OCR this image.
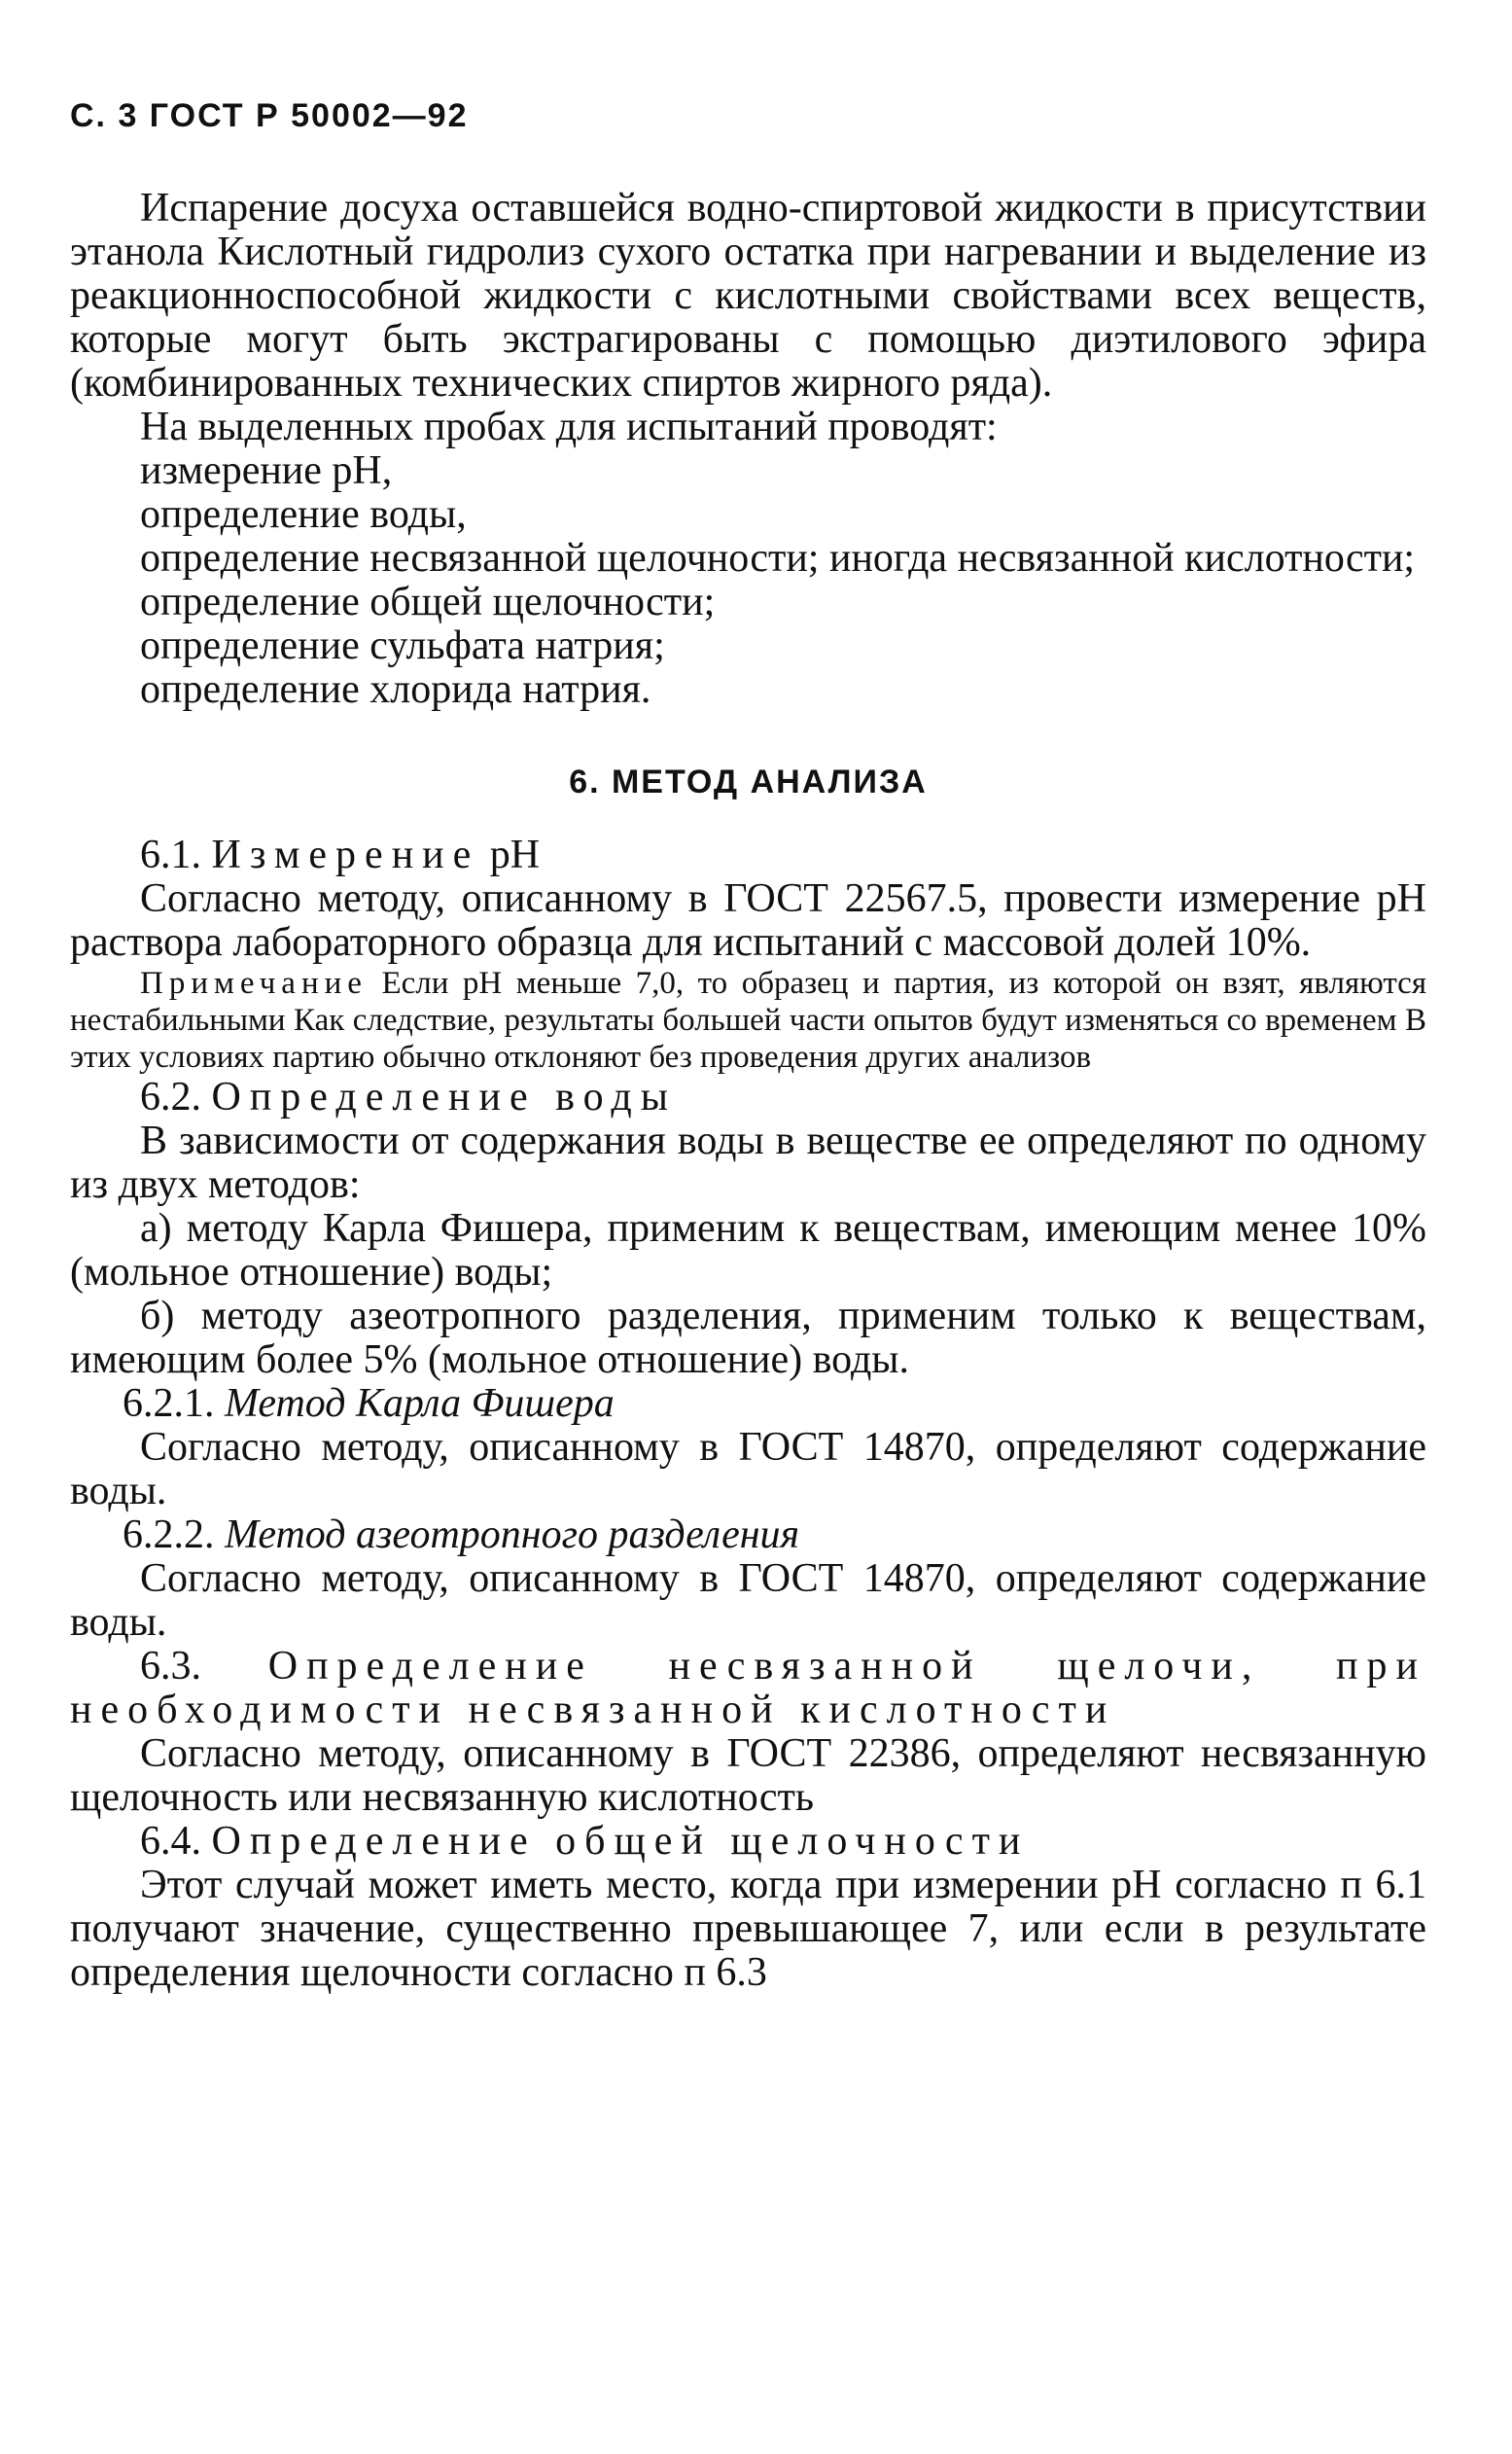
С. 3 ГОСТ Р 50002—92

Испарение досуха оставшейся водно-спиртовой жидкости в присутствии этанола Кислотный гидролиз сухого остатка при нагревании и выделение из реакционноспособной жидкости с кислотными свойствами всех веществ, которые могут быть экстрагированы с помощью диэтилового эфира (комбинированных технических спиртов жирного ряда).

На выделенных пробах для испытаний проводят:

измерение рН,

определение воды,

определение несвязанной щелочности; иногда несвязанной кислотности;

определение общей щелочности;

определение сульфата натрия;

определение хлорида натрия.

6. МЕТОД АНАЛИЗА

6.1. Измерение рН

Согласно методу, описанному в ГОСТ 22567.5, провести измерение рН раствора лабораторного образца для испытаний с массовой долей 10%.

Примечание Если рН меньше 7,0, то образец и партия, из которой он взят, являются нестабильными Как следствие, результаты большей части опытов будут изменяться со временем В этих условиях партию обычно отклоняют без проведения других анализов

6.2. Определение воды

В зависимости от содержания воды в веществе ее определяют по одному из двух методов:

а) методу Карла Фишера, применим к веществам, имеющим менее 10% (мольное отношение) воды;

б) методу азеотропного разделения, применим только к веществам, имеющим более 5% (мольное отношение) воды.

6.2.1. Метод Карла Фишера

Согласно методу, описанному в ГОСТ 14870, определяют содержание воды.

6.2.2. Метод азеотропного разделения

Согласно методу, описанному в ГОСТ 14870, определяют содержание воды.

6.3. Определение несвязанной щелочи, при необходимости несвязанной кислотности

Согласно методу, описанному в ГОСТ 22386, определяют несвязанную щелочность или несвязанную кислотность

6.4. Определение общей щелочности

Этот случай может иметь место, когда при измерении рН согласно п 6.1 получают значение, существенно превышающее 7, или если в результате определения щелочности согласно п 6.3
